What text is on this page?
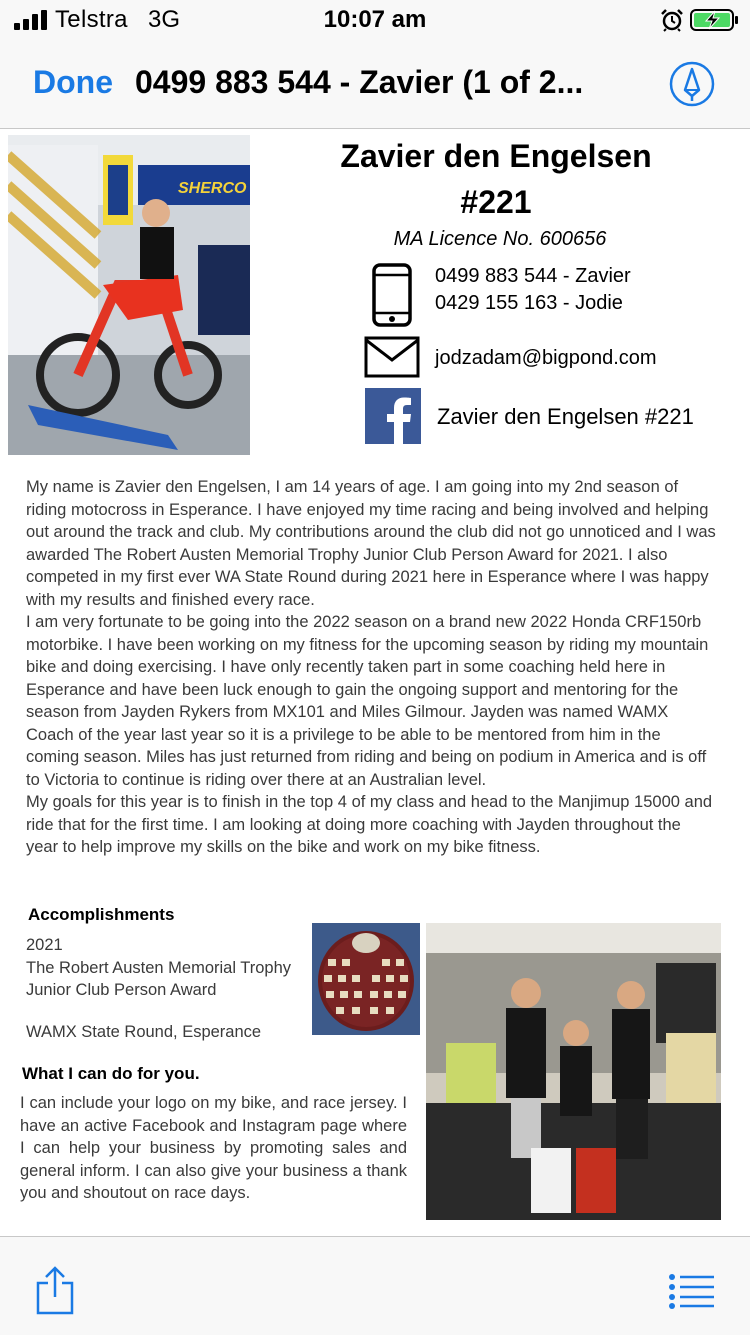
Telstra 3G	10:07 am
Done 0499 883 544 - Zavier (1 of 2...
SHERCO
Zavier den Engelsen
#221
MA Licence No. 600656
0499 883 544 - Zavier
0429 155 163 - Jodie
jodzadam@bigpond.com
Zavier den Engelsen #221

My name is Zavier den Engelsen, I am 14 years of age. I am going into my 2nd season of riding motocross in Esperance. I have enjoyed my time racing and being involved and helping out around the track and club. My contributions around the club did not go unnoticed and I was awarded The Robert Austen Memorial Trophy Junior Club Person Award for 2021. I also competed in my first ever WA State Round during 2021 here in Esperance where I was happy with my results and finished every race.

I am very fortunate to be going into the 2022 season on a brand new 2022 Honda CRF150rb motorbike. I have been working on my fitness for the upcoming season by riding my mountain bike and doing exercising. I have only recently taken part in some coaching held here in Esperance and have been luck enough to gain the ongoing support and mentoring for the season from Jayden Rykers from MX101 and Miles Gilmour. Jayden was named WAMX Coach of the year last year so it is a privilege to be able to be mentored from him in the coming season. Miles has just returned from riding and being on podium in America and is off to Victoria to continue is riding over there at an Australian level.

My goals for this year is to finish in the top 4 of my class and head to the Manjimup 15000 and ride that for the first time. I am looking at doing more coaching with Jayden throughout the year to help improve my skills on the bike and work on my bike fitness.

Accomplishments
2021
The Robert Austen Memorial Trophy
Junior Club Person Award
WAMX State Round, Esperance
What I can do for you.
I can include your logo on my bike, and race jersey. I have an active Facebook and Instagram page where I can help your business by promoting sales and general inform. I can also give your business a thank you and shoutout on race days.
